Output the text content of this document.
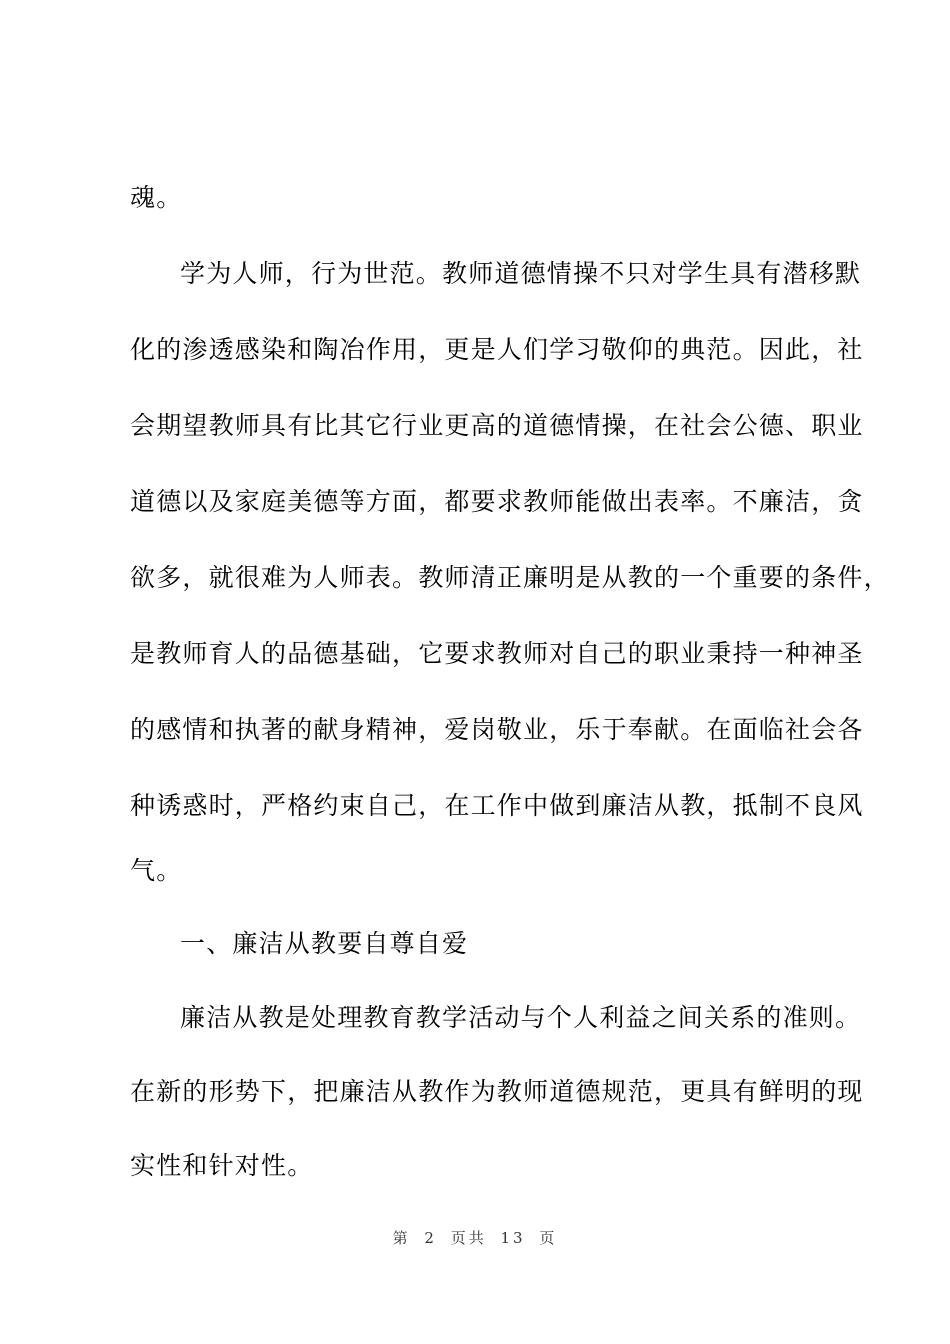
魂。
学为人师，行为世范。教师道德情操不只对学生具有潜移默
化的渗透感染和陶冶作用，更是人们学习敬仰的典范。因此，社
会期望教师具有比其它行业更高的道德情操，在社会公德、职业
道德以及家庭美德等方面，都要求教师能做出表率。不廉洁，贪
欲多，就很难为人师表。教师清正廉明是从教的一个重要的条件，
是教师育人的品德基础，它要求教师对自己的职业秉持一种神圣
的感情和执著的献身精神，爱岗敬业，乐于奉献。在面临社会各
种诱惑时，严格约束自己，在工作中做到廉洁从教，抵制不良风
气。
一、廉洁从教要自尊自爱
廉洁从教是处理教育教学活动与个人利益之间关系的准则。
在新的形势下，把廉洁从教作为教师道德规范，更具有鲜明的现
实性和针对性。
第 2 页共 13 页
